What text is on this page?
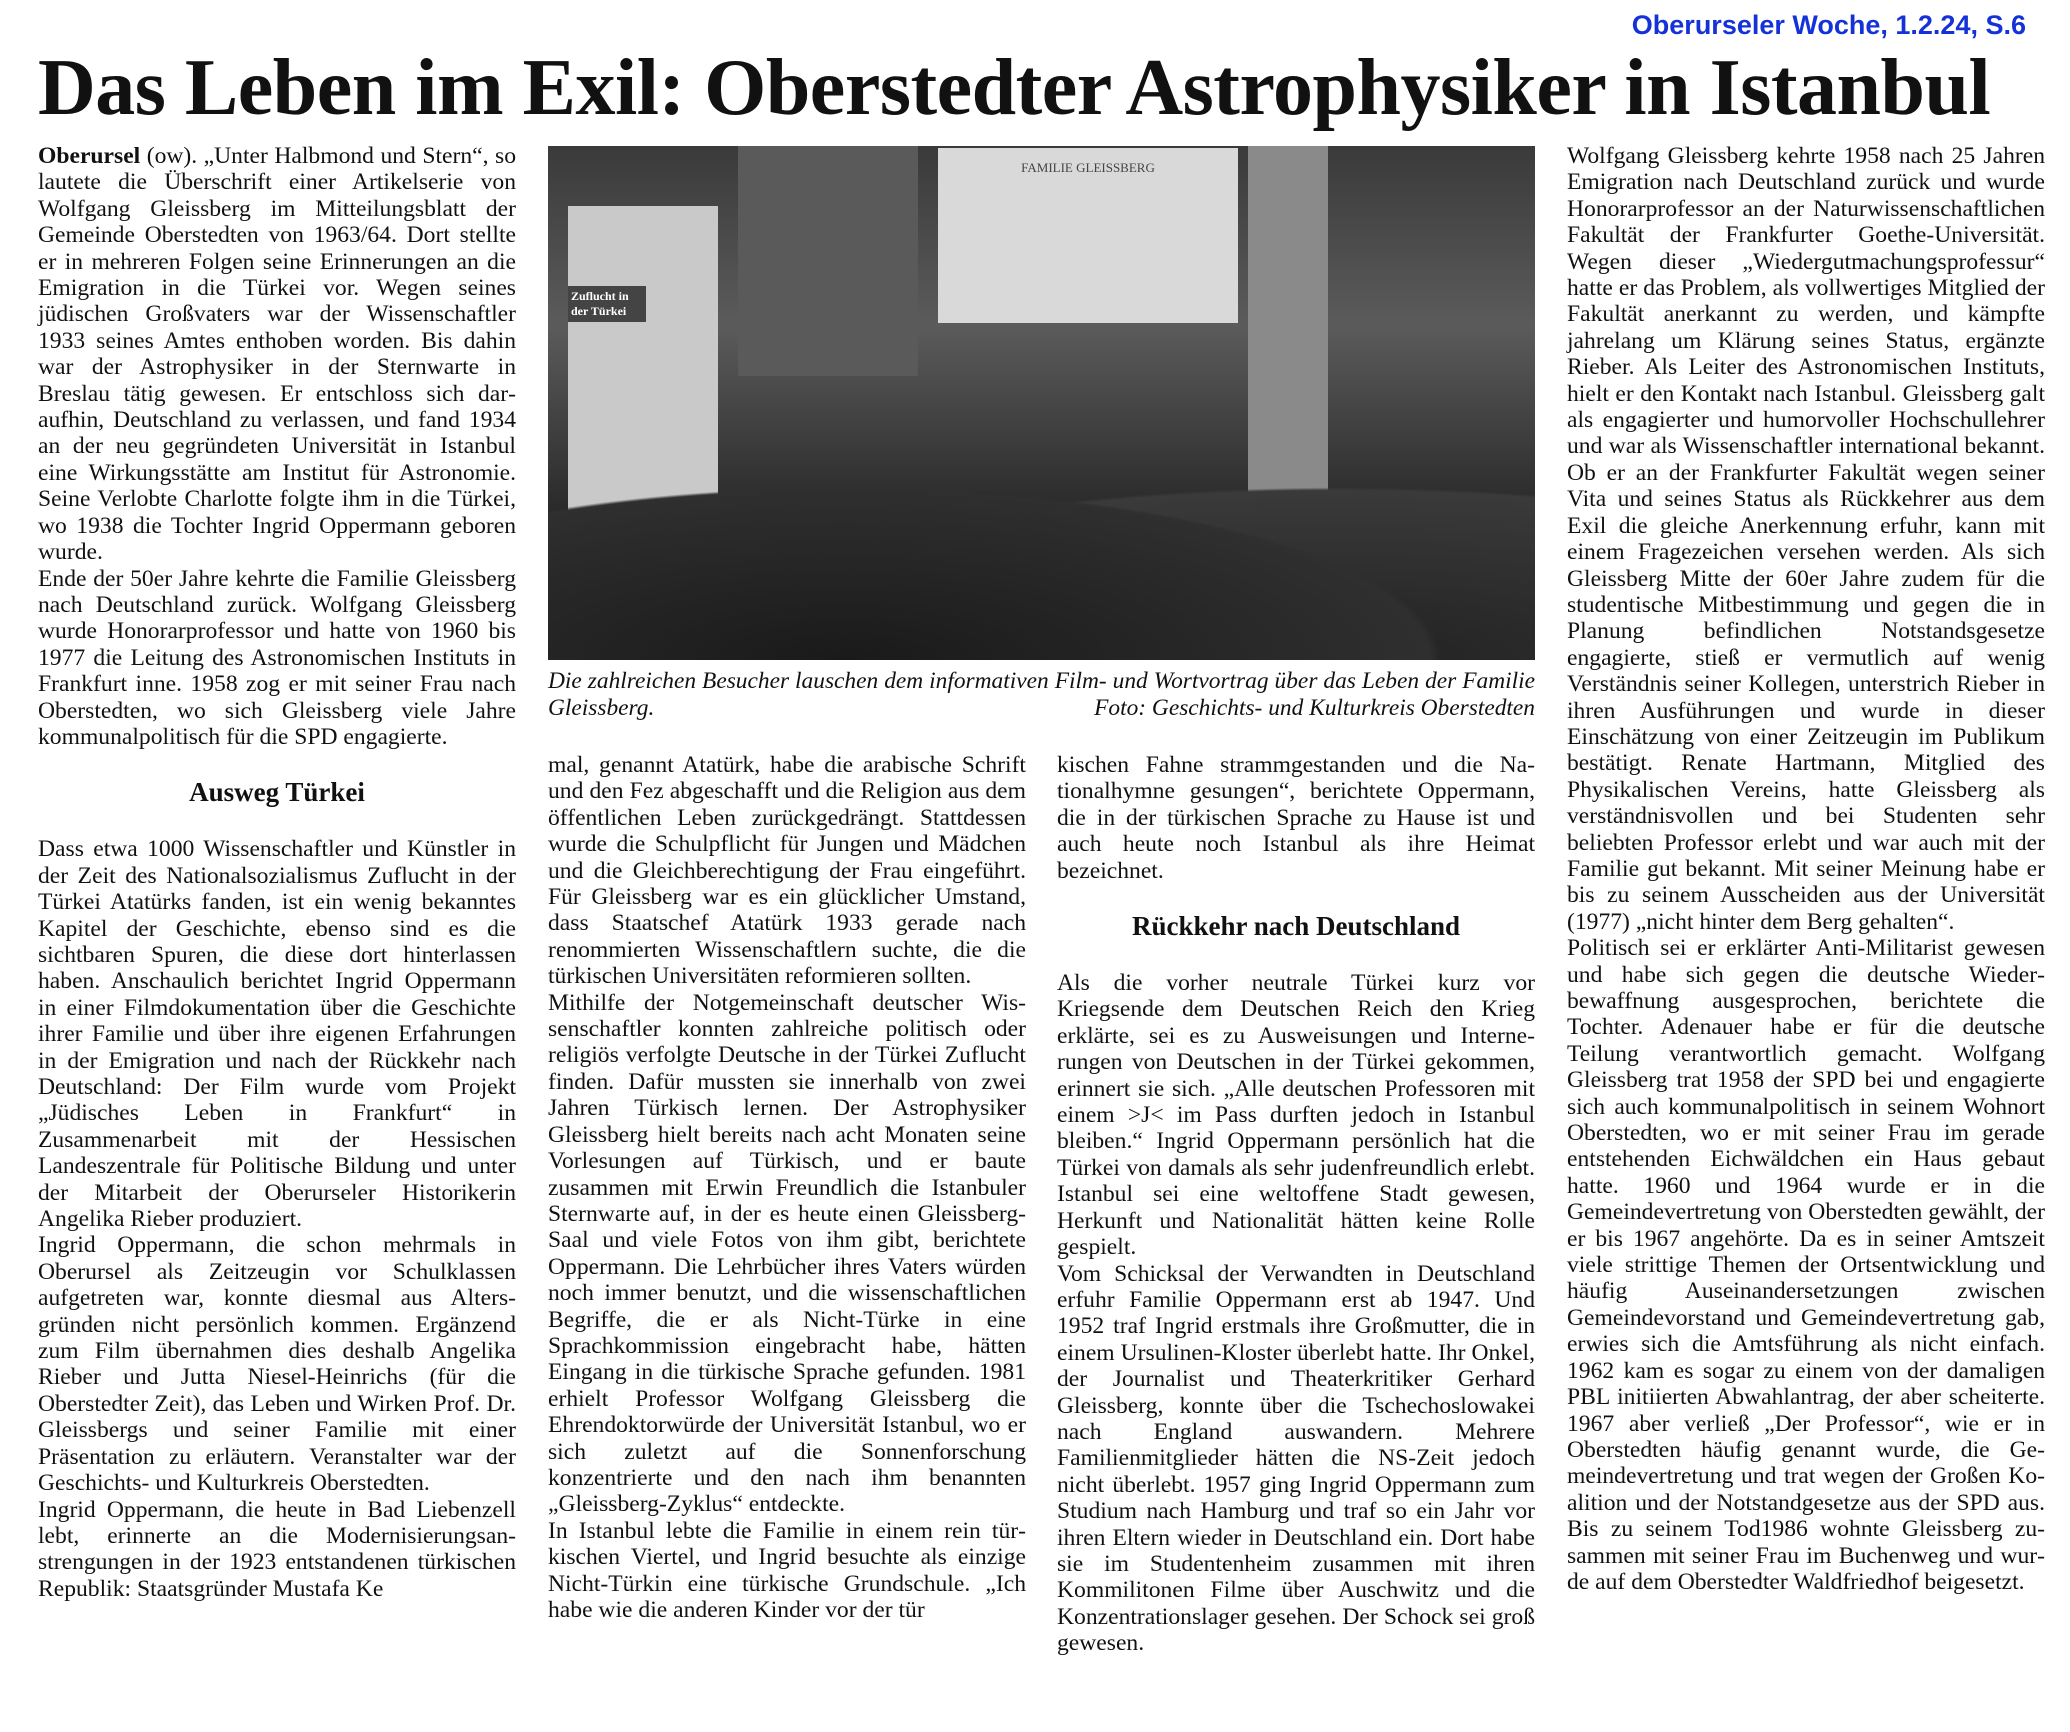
Oberurseler Woche, 1.2.24, S.6
Das Leben im Exil: Oberstedter Astrophysiker in Istanbul

Oberursel (ow). „Unter Halbmond und Stern“, so lautete die Überschrift einer Artikelserie von Wolfgang Gleissberg im Mitteilungsblatt der Gemeinde Oberstedten von 1963/64. Dort stellte er in mehreren Folgen seine Erinnerungen an die Emigration in die Türkei vor. Wegen seines jüdischen Großvaters war der Wissenschaftler 1933 seines Amtes enthoben worden. Bis dahin war der Astrophysiker in der Sternwarte in Breslau tätig gewesen. Er entschloss sich daraufhin, Deutschland zu verlassen, und fand 1934 an der neu gegründeten Universität in Istanbul eine Wirkungsstätte am Institut für Astronomie. Seine Verlobte Charlotte folgte ihm in die Türkei, wo 1938 die Tochter Ingrid Oppermann geboren wurde.

Ende der 50er Jahre kehrte die Familie Gleissberg nach Deutschland zurück. Wolfgang Gleissberg wurde Honorarprofessor und hatte von 1960 bis 1977 die Leitung des Astronomischen Instituts in Frankfurt inne. 1958 zog er mit seiner Frau nach Oberstedten, wo sich Gleissberg viele Jahre kommunalpolitisch für die SPD engagierte.

Ausweg Türkei

Dass etwa 1000 Wissenschaftler und Künstler in der Zeit des Nationalsozialismus Zuflucht in der Türkei Atatürks fanden, ist ein wenig bekanntes Kapitel der Geschichte, ebenso sind es die sichtbaren Spuren, die diese dort hinterlassen haben. Anschaulich berichtet Ingrid Oppermann in einer Filmdokumentation über die Geschichte ihrer Familie und über ihre eigenen Erfahrungen in der Emigration und nach der Rückkehr nach Deutschland: Der Film wurde vom Projekt „Jüdisches Leben in Frankfurt“ in Zusammenarbeit mit der Hessischen Landeszentrale für Politische Bildung und unter der Mitarbeit der Oberurseler Historikerin Angelika Rieber produziert.

Ingrid Oppermann, die schon mehrmals in Oberursel als Zeitzeugin vor Schulklassen aufgetreten war, konnte diesmal aus Altersgründen nicht persönlich kommen. Ergänzend zum Film übernahmen dies deshalb Angelika Rieber und Jutta Niesel-Heinrichs (für die Oberstedter Zeit), das Leben und Wirken Prof. Dr. Gleissbergs und seiner Familie mit einer Präsentation zu erläutern. Veranstalter war der Geschichts- und Kulturkreis Oberstedten.

Ingrid Oppermann, die heute in Bad Liebenzell lebt, erinnerte an die Modernisierungsanstrengungen in der 1923 entstandenen türkischen Republik: Staatsgründer Mustafa Ke

FAMILIE GLEISSBERG
Zuflucht in der Türkei

Die zahlreichen Besucher lauschen dem informativen Film- und Wortvortrag über das Leben der Familie Gleissberg.	Foto: Geschichts- und Kulturkreis Oberstedten

mal, genannt Atatürk, habe die arabische Schrift und den Fez abgeschafft und die Religion aus dem öffentlichen Leben zurückgedrängt. Stattdessen wurde die Schulpflicht für Jungen und Mädchen und die Gleichberechtigung der Frau eingeführt. Für Gleissberg war es ein glücklicher Umstand, dass Staatschef Atatürk 1933 gerade nach renommierten Wissenschaftlern suchte, die die türkischen Universitäten reformieren sollten.

Mithilfe der Notgemeinschaft deutscher Wissenschaftler konnten zahlreiche politisch oder religiös verfolgte Deutsche in der Türkei Zuflucht finden. Dafür mussten sie innerhalb von zwei Jahren Türkisch lernen. Der Astrophysiker Gleissberg hielt bereits nach acht Monaten seine Vorlesungen auf Türkisch, und er baute zusammen mit Erwin Freundlich die Istanbuler Sternwarte auf, in der es heute einen Gleissberg-Saal und viele Fotos von ihm gibt, berichtete Oppermann. Die Lehrbücher ihres Vaters würden noch immer benutzt, und die wissenschaftlichen Begriffe, die er als Nicht-Türke in eine Sprachkommission eingebracht habe, hätten Eingang in die türkische Sprache gefunden. 1981 erhielt Professor Wolfgang Gleissberg die Ehrendoktorwürde der Universität Istanbul, wo er sich zuletzt auf die Sonnenforschung konzentrierte und den nach ihm benannten „Gleissberg-Zyklus“ entdeckte.

In Istanbul lebte die Familie in einem rein türkischen Viertel, und Ingrid besuchte als einzige Nicht-Türkin eine türkische Grundschule. „Ich habe wie die anderen Kinder vor der tür

kischen Fahne strammgestanden und die Nationalhymne gesungen“, berichtete Oppermann, die in der türkischen Sprache zu Hause ist und auch heute noch Istanbul als ihre Heimat bezeichnet.

Rückkehr nach Deutschland

Als die vorher neutrale Türkei kurz vor Kriegsende dem Deutschen Reich den Krieg erklärte, sei es zu Ausweisungen und Internerungen von Deutschen in der Türkei gekommen, erinnert sie sich. „Alle deutschen Professoren mit einem >J< im Pass durften jedoch in Istanbul bleiben.“ Ingrid Oppermann persönlich hat die Türkei von damals als sehr judenfreundlich erlebt. Istanbul sei eine weltoffene Stadt gewesen, Herkunft und Nationalität hätten keine Rolle gespielt.

Vom Schicksal der Verwandten in Deutschland erfuhr Familie Oppermann erst ab 1947. Und 1952 traf Ingrid erstmals ihre Großmutter, die in einem Ursulinen-Kloster überlebt hatte. Ihr Onkel, der Journalist und Theaterkritiker Gerhard Gleissberg, konnte über die Tschechoslowakei nach England auswandern. Mehrere Familienmitglieder hätten die NS-Zeit jedoch nicht überlebt. 1957 ging Ingrid Oppermann zum Studium nach Hamburg und traf so ein Jahr vor ihren Eltern wieder in Deutschland ein. Dort habe sie im Studentenheim zusammen mit ihren Kommilitonen Filme über Auschwitz und die Konzentrationslager gesehen. Der Schock sei groß gewesen.

Wolfgang Gleissberg kehrte 1958 nach 25 Jahren Emigration nach Deutschland zurück und wurde Honorarprofessor an der Naturwissenschaftlichen Fakultät der Frankfurter Goethe-Universität. Wegen dieser „Wiedergutmachungsprofessur“ hatte er das Problem, als vollwertiges Mitglied der Fakultät anerkannt zu werden, und kämpfte jahrelang um Klärung seines Status, ergänzte Rieber. Als Leiter des Astronomischen Instituts, hielt er den Kontakt nach Istanbul. Gleissberg galt als engagierter und humorvoller Hochschullehrer und war als Wissenschaftler international bekannt. Ob er an der Frankfurter Fakultät wegen seiner Vita und seines Status als Rückkehrer aus dem Exil die gleiche Anerkennung erfuhr, kann mit einem Fragezeichen versehen werden. Als sich Gleissberg Mitte der 60er Jahre zudem für die studentische Mitbestimmung und gegen die in Planung befindlichen Notstandsgesetze engagierte, stieß er vermutlich auf wenig Verständnis seiner Kollegen, unterstrich Rieber in ihren Ausführungen und wurde in dieser Einschätzung von einer Zeitzeugin im Publikum bestätigt. Renate Hartmann, Mitglied des Physikalischen Vereins, hatte Gleissberg als verständnisvollen und bei Studenten sehr beliebten Professor erlebt und war auch mit der Familie gut bekannt. Mit seiner Meinung habe er bis zu seinem Ausscheiden aus der Universität (1977) „nicht hinter dem Berg gehalten“.

Politisch sei er erklärter Anti-Militarist gewesen und habe sich gegen die deutsche Wiederbewaffnung ausgesprochen, berichtete die Tochter. Adenauer habe er für die deutsche Teilung verantwortlich gemacht. Wolfgang Gleissberg trat 1958 der SPD bei und engagierte sich auch kommunalpolitisch in seinem Wohnort Oberstedten, wo er mit seiner Frau im gerade entstehenden Eichwäldchen ein Haus gebaut hatte. 1960 und 1964 wurde er in die Gemeindevertretung von Oberstedten gewählt, der er bis 1967 angehörte. Da es in seiner Amtszeit viele strittige Themen der Ortsentwicklung und häufig Auseinandersetzungen zwischen Gemeindevorstand und Gemeindevertretung gab, erwies sich die Amtsführung als nicht einfach. 1962 kam es sogar zu einem von der damaligen PBL initiierten Abwahlantrag, der aber scheiterte. 1967 aber verließ „Der Professor“, wie er in Oberstedten häufig genannt wurde, die Gemeindevertretung und trat wegen der Großen Koalition und der Notstandgesetze aus der SPD aus. Bis zu seinem Tod1986 wohnte Gleissberg zusammen mit seiner Frau im Buchenweg und wurde auf dem Oberstedter Waldfriedhof beigesetzt.
